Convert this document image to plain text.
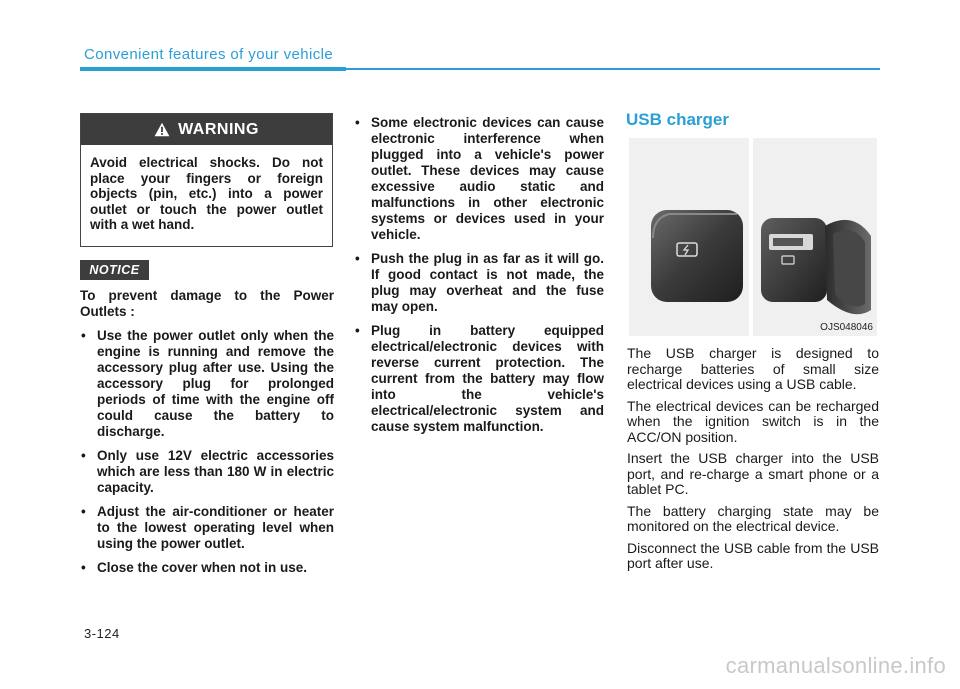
Convenient features of your vehicle
WARNING
Avoid electrical shocks. Do not place your fingers or foreign objects (pin, etc.) into a power outlet or touch the power outlet with a wet hand.
NOTICE

To prevent damage to the Power Outlets :

• Use the power outlet only when the engine is running and remove the accessory plug after use. Using the accessory plug for prolonged periods of time with the engine off could cause the battery to discharge.
• Only use 12V electric accessories which are less than 180 W in electric capacity.
• Adjust the air-conditioner or heater to the lowest operating level when using the power outlet.
• Close the cover when not in use.
• Some electronic devices can cause electronic interference when plugged into a vehicle's power outlet. These devices may cause excessive audio static and malfunctions in other electronic systems or devices used in your vehicle.
• Push the plug in as far as it will go. If good contact is not made, the plug may overheat and the fuse may open.
• Plug in battery equipped electrical/electronic devices with reverse current protection. The current from the battery may flow into the vehicle's electrical/electronic system and cause system malfunction.
USB charger
OJS048046

The USB charger is designed to recharge batteries of small size electrical devices using a USB cable.

The electrical devices can be recharged when the ignition switch is in the ACC/ON position.

Insert the USB charger into the USB port, and re-charge a smart phone or a tablet PC.

The battery charging state may be monitored on the electrical device.

Disconnect the USB cable from the USB port after use.

3-124
carmanualsonline.info
